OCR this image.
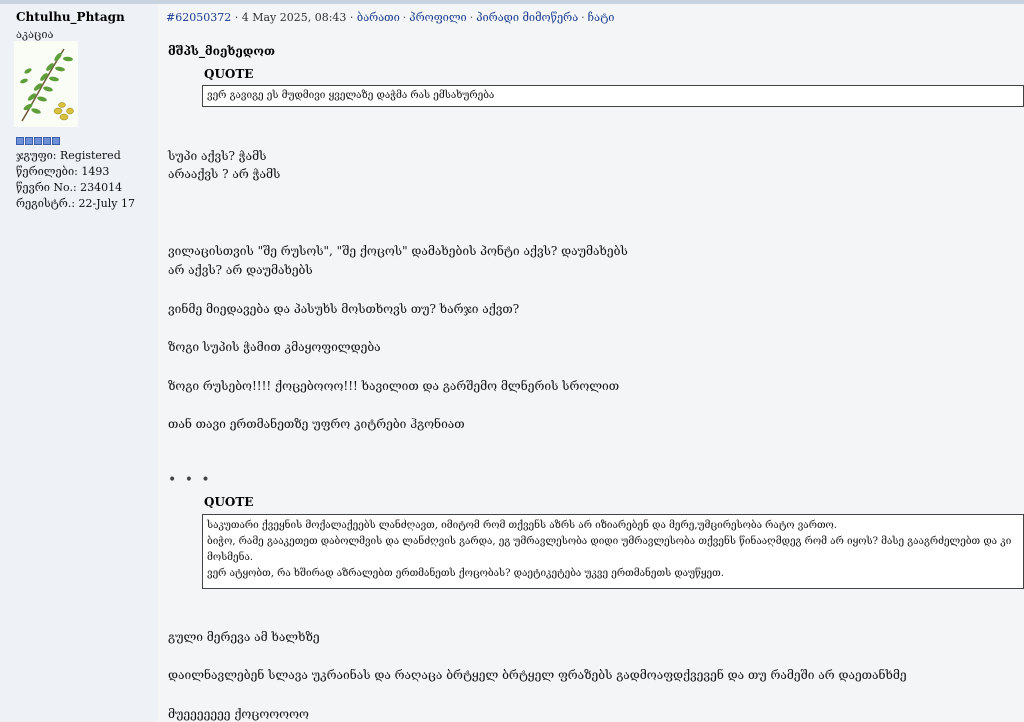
Chtulhu_Phtagn
აკაცია
ჯგუფი: Registered
წერილები: 1493
წევრი No.: 234014
რეგისტრ.: 22-July 17
#62050372 · 4 May 2025, 08:43 · ბარათი · პროფილი · პირადი მიმოწერა · ჩატი
მშპს_მიეხედოთ
QUOTE
ვერ გავიგე ეს მუდმივი ყველაზე დაჭმა რას ემსახურება
სუპი აქვს? ჭამს
არააქვს ? არ ჭამს
ვილაცისთვის "შე რუსოს", "შე ქოცოს" დამახების პონტი აქვს? დაუმახებს
არ აქვს? არ დაუმახებს
ვინმე მიედავება და პასუხს მოსთხოვს თუ? ხარჯი აქვთ?
ზოგი სუპის ჭამით კმაყოფილდება
ზოგი რუსებო!!!! ქოცებოოო!!! ხავილით და გარშემო მლნერის სროლით
თან თავი ერთმანეთზე უფრო კიტრები ჰგონიათ
• • •
QUOTE
საკუთარი ქვეყნის მოქალაქეებს ლანძღავთ, იმიტომ რომ თქვენს აზრს არ იზიარებენ და მერე,უმცირესობა რატო ვართო.
ბიჭო, რამე გააკეთეთ დაბოლმვის და ლანძღვის გარდა, ეგ უმრავლესობა დიდი უმრავლესობა თქვენს წინააღმდეგ რომ არ იყოს? მასე გააგრძელებთ და კი
მოსმენა.
ვერ ატყობთ, რა ხშირად აზრალებთ ერთმანეთს ქოცობას? დაეტიკეტება უკვე ერთმანეთს დაუწყეთ.
გული მერევა ამ ხალხზე
დაილნავლებენ სლავა უკრაინას და რაღაცა ბრტყელ ბრტყელ ფრაზებს გადმოაფდქვევენ და თუ რამეში არ დაეთანხმე
მუეეეეეეე ქოცოოოოო
